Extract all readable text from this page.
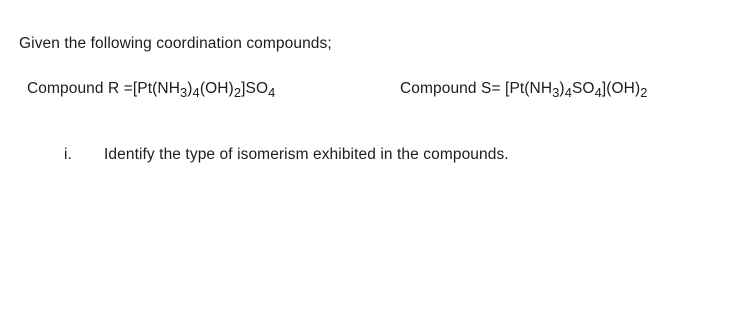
Given the following coordination compounds;
Compound $R =[Pt(NH_3)_4(OH)_2]SO_4$	Compound $S= [Pt(NH_3)_4SO_4](OH)_2$
i. Identify the type of isomerism exhibited in the compounds.
